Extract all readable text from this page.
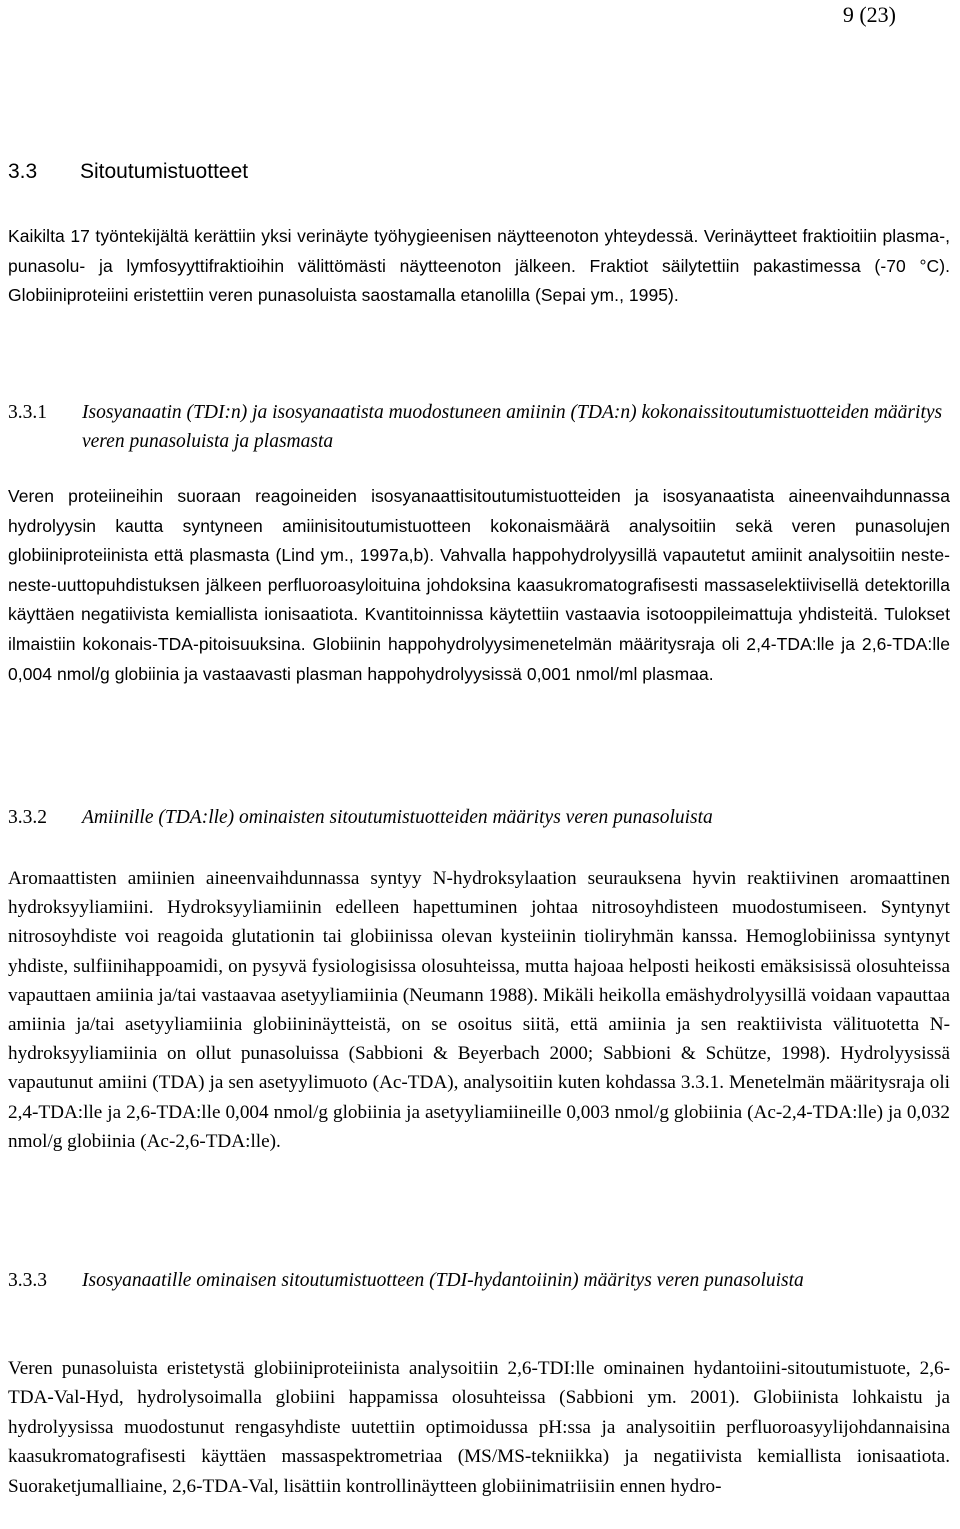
9 (23)
3.3 Sitoutumistuotteet

Kaikilta 17 työntekijältä kerättiin yksi verinäyte työhygieenisen näytteenoton yhteydessä. Verinäytteet fraktioitiin plasma-, punasolu- ja lymfosyyttifraktioihin välittömästi näytteenoton jälkeen. Fraktiot säilytettiin pakastimessa (-70 °C). Globiiniproteiini eristettiin veren punasoluista saostamalla etanolilla (Sepai ym., 1995).

3.3.1	Isosyanaatin (TDI:n) ja isosyanaatista muodostuneen amiinin (TDA:n) kokonaissitoutumistuotteiden määritys veren punasoluista ja plasmasta

Veren proteiineihin suoraan reagoineiden isosyanaattisitoutumistuotteiden ja isosyanaatista aineenvaihdunnassa hydrolyysin kautta syntyneen amiinisitoutumistuotteen kokonaismäärä analysoitiin sekä veren punasolujen globiiniproteiinista että plasmasta (Lind ym., 1997a,b). Vahvalla happohydrolyysillä vapautetut amiinit analysoitiin neste-neste-uuttopuhdistuksen jälkeen perfluoroasyloituina johdoksina kaasukromatografisesti massaselektiivisellä detektorilla käyttäen negatiivista kemiallista ionisaatiota. Kvantitoinnissa käytettiin vastaavia isotooppileimattuja yhdisteitä. Tulokset ilmaistiin kokonais-TDA-pitoisuuksina. Globiinin happohydrolyysimenetelmän määritysraja oli 2,4-TDA:lle ja 2,6-TDA:lle 0,004 nmol/g globiinia ja vastaavasti plasman happohydrolyysissä 0,001 nmol/ml plasmaa.

3.3.2	Amiinille (TDA:lle) ominaisten sitoutumistuotteiden määritys veren punasoluista

Aromaattisten amiinien aineenvaihdunnassa syntyy N-hydroksylaation seurauksena hyvin reaktiivinen aromaattinen hydroksyyliamiini. Hydroksyyliamiinin edelleen hapettuminen johtaa nitrosoyhdisteen muodostumiseen. Syntynyt nitrosoyhdiste voi reagoida glutationin tai globiinissa olevan kysteiinin tioliryhmän kanssa. Hemoglobiinissa syntynyt yhdiste, sulfiinihappoamidi, on pysyvä fysiologisissa olosuhteissa, mutta hajoaa helposti heikosti emäksisissä olosuhteissa vapauttaen amiinia ja/tai vastaavaa asetyyliamiinia (Neumann 1988). Mikäli heikolla emäshydrolyysillä voidaan vapauttaa amiinia ja/tai asetyyliamiinia globiininäytteistä, on se osoitus siitä, että amiinia ja sen reaktiivista välituotetta N-hydroksyyliamiinia on ollut punasoluissa (Sabbioni & Beyerbach 2000; Sabbioni & Schütze, 1998). Hydrolyysissä vapautunut amiini (TDA) ja sen asetyylimuoto (Ac-TDA), analysoitiin kuten kohdassa 3.3.1. Menetelmän määritysraja oli 2,4-TDA:lle ja 2,6-TDA:lle 0,004 nmol/g globiinia ja asetyyliamiineille 0,003 nmol/g globiinia (Ac-2,4-TDA:lle) ja 0,032 nmol/g globiinia (Ac-2,6-TDA:lle).

3.3.3	Isosyanaatille ominaisen sitoutumistuotteen (TDI-hydantoiinin) määritys veren punasoluista

Veren punasoluista eristetystä globiiniproteiinista analysoitiin 2,6-TDI:lle ominainen hydantoiini-sitoutumistuote, 2,6-TDA-Val-Hyd, hydrolysoimalla globiini happamissa olosuhteissa (Sabbioni ym. 2001). Globiinista lohkaistu ja hydrolyysissa muodostunut rengasyhdiste uutettiin optimoidussa pH:ssa ja analysoitiin perfluoroasyylijohdannaisina kaasukromatografisesti käyttäen massaspektrometriaa (MS/MS-tekniikka) ja negatiivista kemiallista ionisaatiota. Suoraketjumalliaine, 2,6-TDA-Val, lisättiin kontrollinäytteen globiinimatriisiin ennen hydro-
